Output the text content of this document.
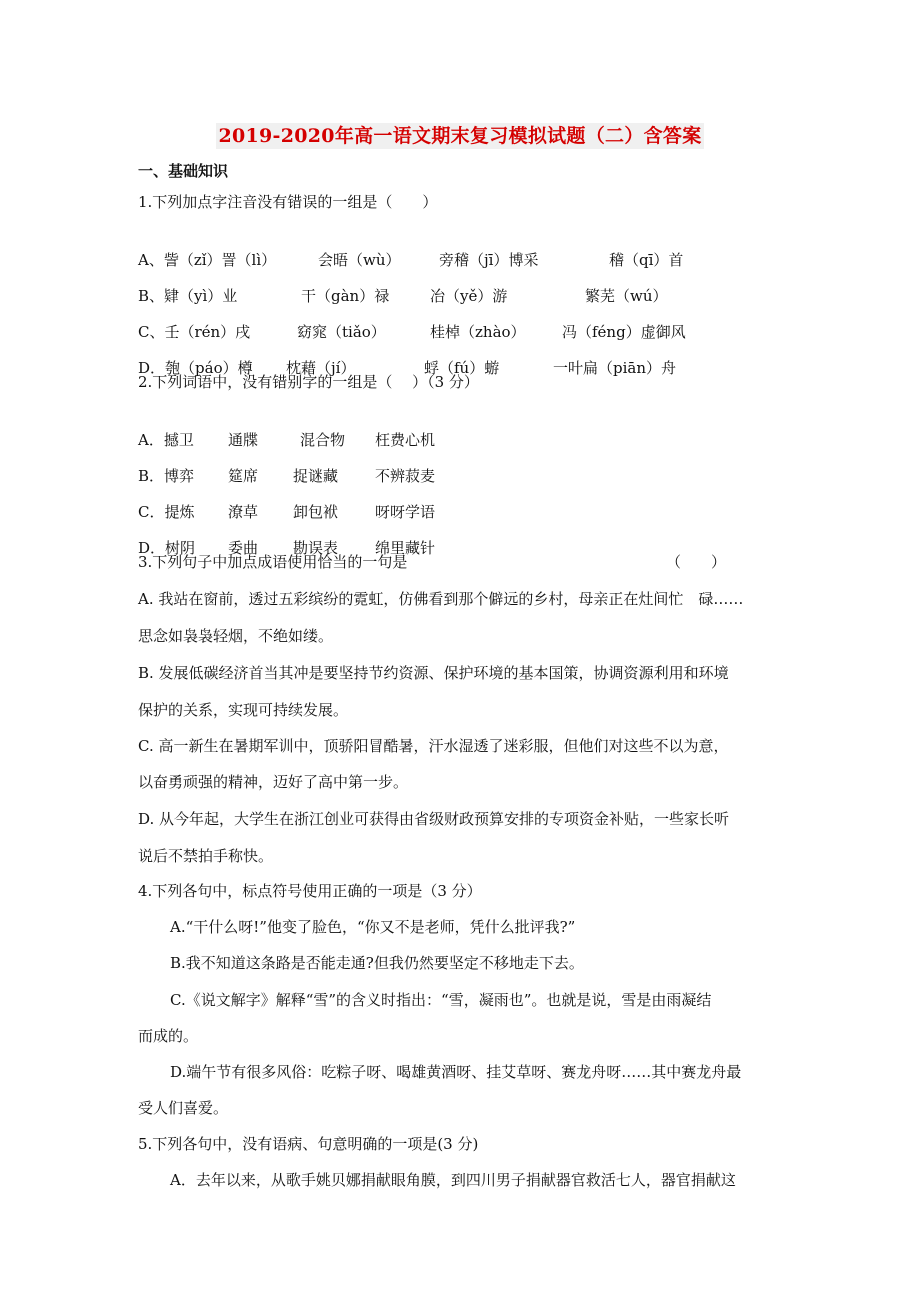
2019-2020年高一语文期末复习模拟试题（二）含答案
一、基础知识
1.下列加点字注音没有错误的一组是（　　）

A、訾（zǐ）詈（lì）	会晤（wù）	旁稽（jī）博采	稽（qī）首

B、肄（yì）业	干（gàn）禄	冶（yě）游	繁芜（wú）

C、壬（rén）戌	窈窕（tiǎo）	桂棹（zhào） 冯（féng）虚御风

D．匏（páo）樽 枕藉（jí）	蜉（fú）蝣	一叶扁（piān）舟

2.下列词语中，没有错别字的一组是（　 ）（3 分）

A．撼卫 通牒	混合物 枉费心机

B．博弈 筵席 捉谜藏 不辨菽麦

C．提炼 潦草 卸包袱 呀呀学语

D．树阴 委曲 勘误表 绵里藏针

3.下列句子中加点成语使用恰当的一句是	（　　）
A. 我站在窗前，透过五彩缤纷的霓虹，仿佛看到那个僻远的乡村，母亲正在灶间忙　碌……
思念如袅袅轻烟，不绝如缕。
B. 发展低碳经济首当其冲是要坚持节约资源、保护环境的基本国策，协调资源利用和环境
保护的关系，实现可持续发展。
C. 高一新生在暑期军训中，顶骄阳冒酷暑，汗水湿透了迷彩服，但他们对这些不以为意，
以奋勇顽强的精神，迈好了高中第一步。
D. 从今年起，大学生在浙江创业可获得由省级财政预算安排的专项资金补贴，一些家长听
说后不禁拍手称快。
4.下列各句中，标点符号使用正确的一项是（3 分）
A.“干什么呀!”他变了脸色，“你又不是老师，凭什么批评我?”
B.我不知道这条路是否能走通?但我仍然要坚定不移地走下去。
C.《说文解字》解释“雪”的含义时指出：“雪，凝雨也”。也就是说，雪是由雨凝结
而成的。
D.端午节有很多风俗：吃粽子呀、喝雄黄酒呀、挂艾草呀、赛龙舟呀……其中赛龙舟最
受人们喜爱。
5.下列各句中，没有语病、句意明确的一项是(3 分)
A．去年以来，从歌手姚贝娜捐献眼角膜，到四川男子捐献器官救活七人，器官捐献这
